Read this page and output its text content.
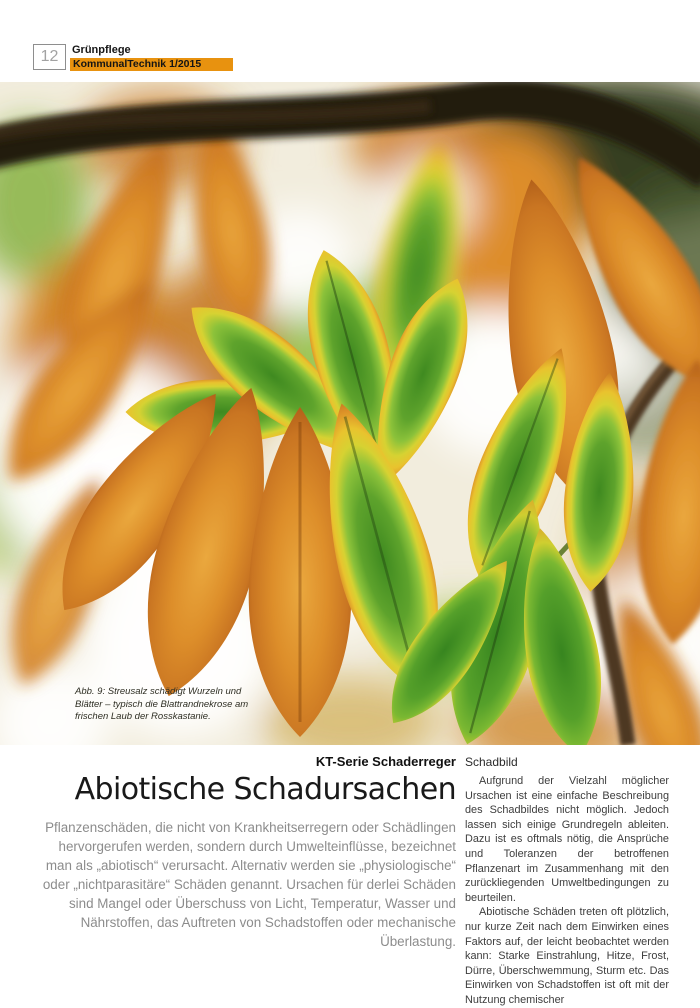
12 Grünpflege
KommunalTechnik 1/2015
Abb. 9: Streusalz schädigt Wurzeln und Blätter – typisch die Blattrandnekrose am frischen Laub der Rosskastanie.
KT-Serie Schaderreger Schadbild
Abiotische Schadursachen

Pflanzenschäden, die nicht von Krankheitserregern oder Schädlingen hervorgerufen werden, sondern durch Umwelteinflüsse, bezeichnet man als „abiotisch“ verursacht. Alternativ werden sie „physiologische“ oder „nichtparasitäre“ Schäden genannt. Ursachen für derlei Schäden sind Mangel oder Überschuss von Licht, Temperatur, Wasser und Nährstoffen, das Auftreten von Schadstoffen oder mechanische Überlastung.

Aufgrund der Vielzahl möglicher Ursachen ist eine einfache Beschreibung des Schadbildes nicht möglich. Jedoch lassen sich einige Grundregeln ableiten. Dazu ist es oftmals nötig, die Ansprüche und Toleranzen der betroffenen Pflanzenart im Zusammenhang mit den zurückliegenden Umweltbedingungen zu beurteilen.

Abiotische Schäden treten oft plötzlich, nur kurze Zeit nach dem Einwirken eines Faktors auf, der leicht beobachtet werden kann: Starke Einstrahlung, Hitze, Frost, Dürre, Überschwemmung, Sturm etc. Das Einwirken von Schadstoffen ist oft mit der Nutzung chemischer
